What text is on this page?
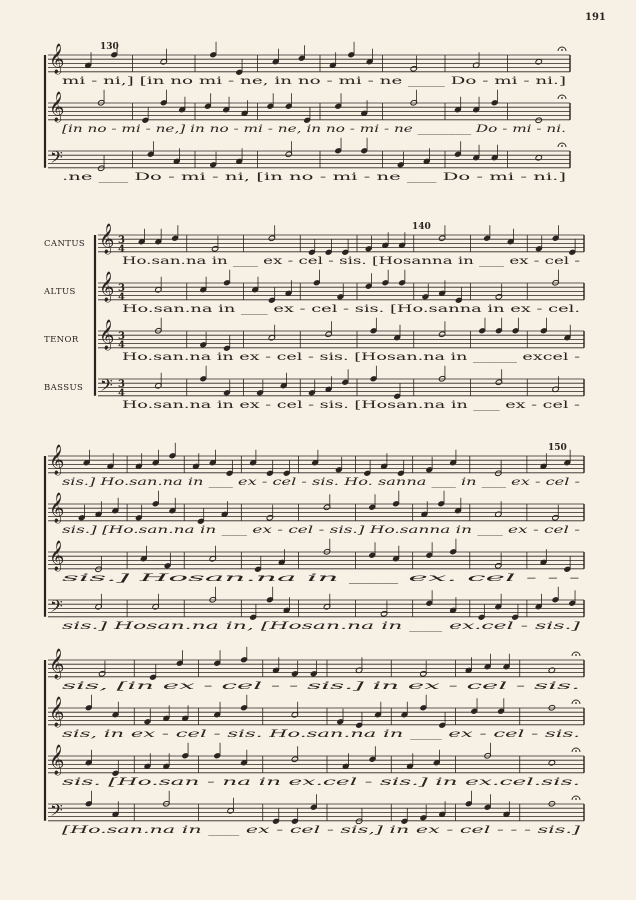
191
𝄞
mi - ni,] [in no mi - ne, in no - mi - ne ____ Do - mi - ni.]
𝄞
[in no - mi - ne,] in no - mi - ne, in no - mi - ne _______ Do - mi - ni.
𝄢
.ne ___ Do - mi - ni, [in no - mi - ne ___ Do - mi - ni.]
130
𝄞 3
4
Ho.san.na in ___ ex - cel - sis. [Hosanna in ___ ex - cel -
𝄞 3
4
Ho.san.na in ___ ex - cel - sis. [Ho.sanna in ex - cel.
𝄞 3
4
Ho.san.na in ex - cel - sis. [Hosan.na in _____ excel -
𝄢 3
4
Ho.san.na in ex - cel - sis. [Hosan.na in ___ ex - cel -
CANTUS
ALTUS
TENOR
BASSUS
140
𝄞
sis.] Ho.san.na in ___ ex - cel - sis. Ho. sanna ___ in ___ ex - cel -
𝄞
sis.] [Ho.san.na in ___ ex - cel - sis.] Ho.sanna in ___ ex - cel -
𝄞
sis.] Hosan.na in ___ ex. cel - - -
𝄢
sis.] Hosan.na in, [Hosan.na in ___ ex.cel - sis.]
150
𝄞
sis, [in ex - cel - - sis.] in ex - cel - sis.
𝄞
sis, in ex - cel - sis. Ho.san.na in ___ ex - cel - sis.
𝄞
sis. [Ho.san - na in ex.cel - sis.] in ex.cel.sis.
𝄢
[Ho.san.na in ___ ex - cel - sis,] in ex - cel - - - sis.]
